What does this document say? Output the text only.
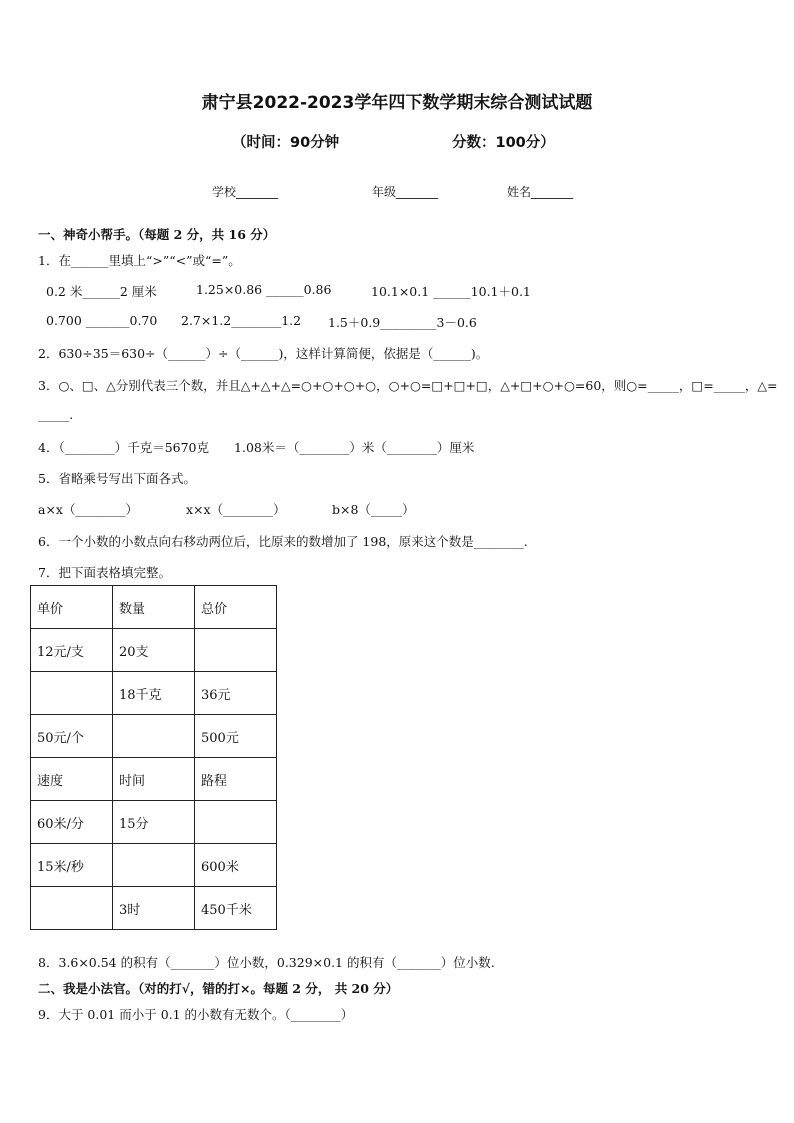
肃宁县2022-2023学年四下数学期末综合测试试题
（时间：90分钟	分数：100分）
学校_______	年级_______	姓名_______
一、神奇小帮手。（每题 2 分，共 16 分）
1．在______里填上“>”“<”或“=”。
0.2 米______2 厘米	1.25×0.86 ______0.86	10.1×0.1 ______10.1＋0.1
0.700 _______0.70 2.7×1.2________1.2 1.5＋0.9_________3－0.6
2．630÷35＝630÷（______）÷（______)，这样计算简便，依据是（______)。
3．○、□、△分别代表三个数，并且△+△+△=○+○+○+○，○+○=□+□+□，△+□+○+○=60，则○=_____，□=_____，△=
_____.
4．（________）千克＝5670克　　1.08米＝（________）米（________）厘米
5．省略乘号写出下面各式。
a×x（________）	x×x（________）	b×8（_____）
6．一个小数的小数点向右移动两位后，比原来的数增加了 198，原来这个数是________.
7．把下面表格填完整。
单价	数量	总价
12元/支	20支	
	18千克	36元
50元/个		500元
速度	时间	路程
60米/分	15分	
15米/秒		600米
	3时	450千米
8．3.6×0.54 的积有（_______）位小数，0.329×0.1 的积有（_______）位小数.
二、我是小法官。（对的打√，错的打×。每题 2 分， 共 20 分）
9．大于 0.01 而小于 0.1 的小数有无数个。（________）
